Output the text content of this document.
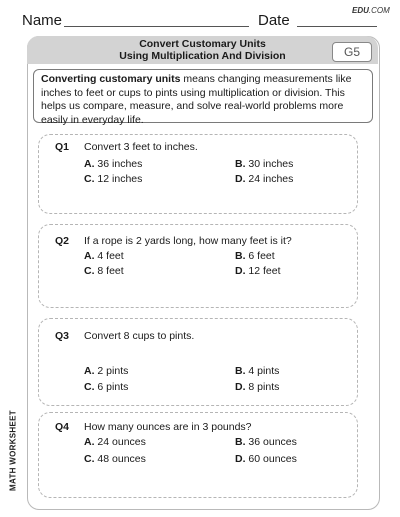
Name	Date
EDU.COM
Convert Customary Units
Using Multiplication And Division	G5
MATH WORKSHEET

Converting customary units means changing measurements like inches to feet or cups to pints using multiplication or division. This helps us compare, measure, and solve real-world problems more easily in everyday life.

Q1 Convert 3 feet to inches.
A. 36 inches	B. 30 inches
C. 12 inches	D. 24 inches
Q2 If a rope is 2 yards long, how many feet is it?
A. 4 feet	B. 6 feet
C. 8 feet	D. 12 feet
Q3 Convert 8 cups to pints.
A. 2 pints	B. 4 pints
C. 6 pints	D. 8 pints
Q4 How many ounces are in 3 pounds?
A. 24 ounces	B. 36 ounces
C. 48 ounces	D. 60 ounces
